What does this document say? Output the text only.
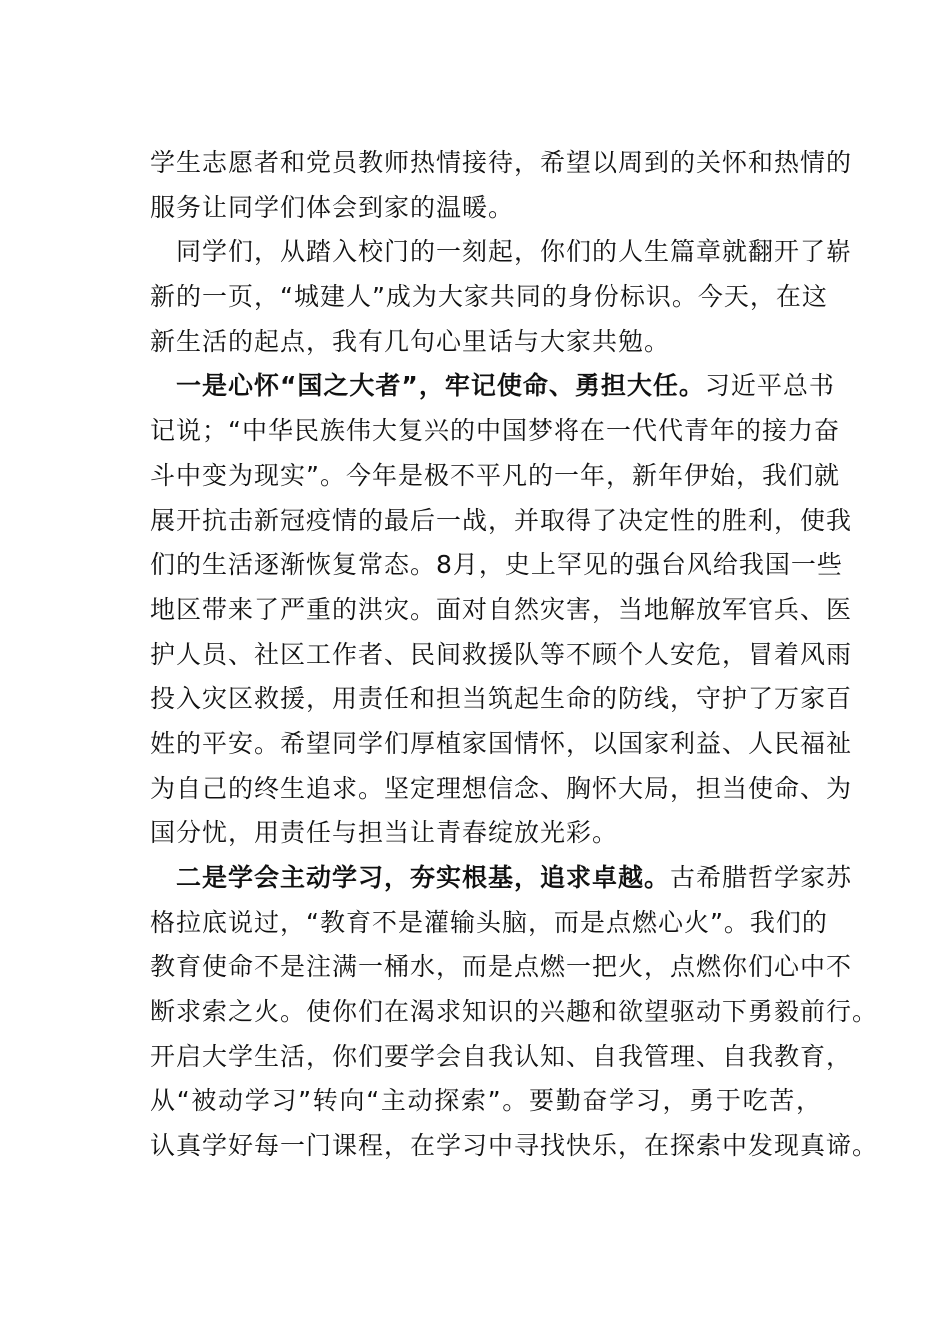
学生志愿者和党员教师热情接待，希望以周到的关怀和热情的
服务让同学们体会到家的温暖。
　同学们，从踏入校门的一刻起，你们的人生篇章就翻开了崭
新的一页，“城建人”成为大家共同的身份标识。今天，在这
新生活的起点，我有几句心里话与大家共勉。
　一是心怀“国之大者”，牢记使命、勇担大任。习近平总书
记说；“中华民族伟大复兴的中国梦将在一代代青年的接力奋
斗中变为现实”。今年是极不平凡的一年，新年伊始，我们就
展开抗击新冠疫情的最后一战，并取得了决定性的胜利，使我
们的生活逐渐恢复常态。8月，史上罕见的强台风给我国一些
地区带来了严重的洪灾。面对自然灾害，当地解放军官兵、医
护人员、社区工作者、民间救援队等不顾个人安危，冒着风雨
投入灾区救援，用责任和担当筑起生命的防线，守护了万家百
姓的平安。希望同学们厚植家国情怀，以国家利益、人民福祉
为自己的终生追求。坚定理想信念、胸怀大局，担当使命、为
国分忧，用责任与担当让青春绽放光彩。
　二是学会主动学习，夯实根基，追求卓越。古希腊哲学家苏
格拉底说过，“教育不是灌输头脑，而是点燃心火”。我们的
教育使命不是注满一桶水，而是点燃一把火，点燃你们心中不
断求索之火。使你们在渴求知识的兴趣和欲望驱动下勇毅前行。
开启大学生活，你们要学会自我认知、自我管理、自我教育，
从“被动学习”转向“主动探索”。要勤奋学习，勇于吃苦，
认真学好每一门课程，在学习中寻找快乐，在探索中发现真谛。
